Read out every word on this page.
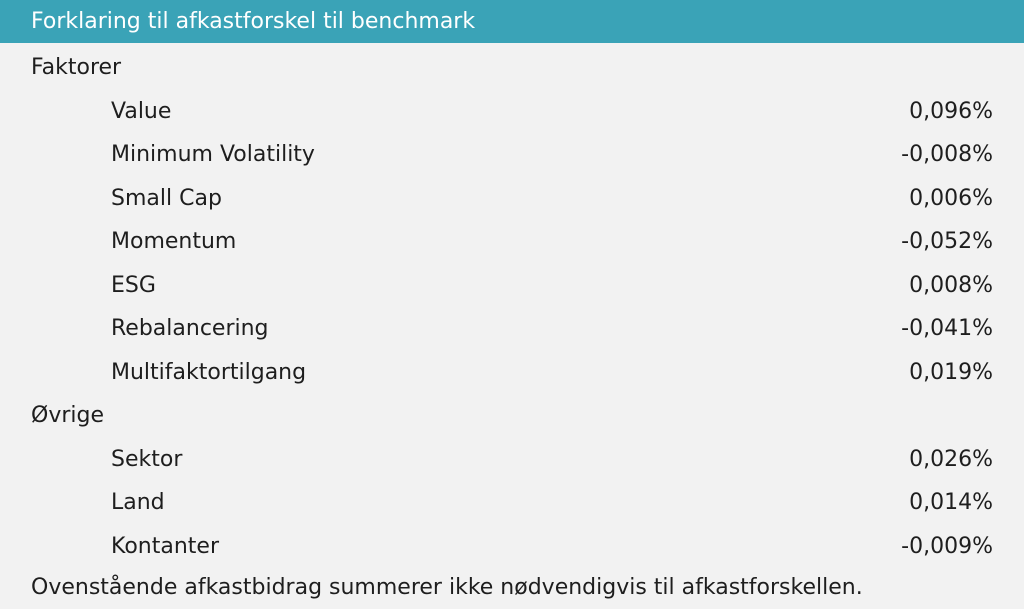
Forklaring til afkastforskel til benchmark
Faktorer
Value	0,096%
Minimum Volatility	-0,008%
Small Cap	0,006%
Momentum	-0,052%
ESG	0,008%
Rebalancering	-0,041%
Multifaktortilgang	0,019%
Øvrige
Sektor	0,026%
Land	0,014%
Kontanter	-0,009%
Ovenstående afkastbidrag summerer ikke nødvendigvis til afkastforskellen.
